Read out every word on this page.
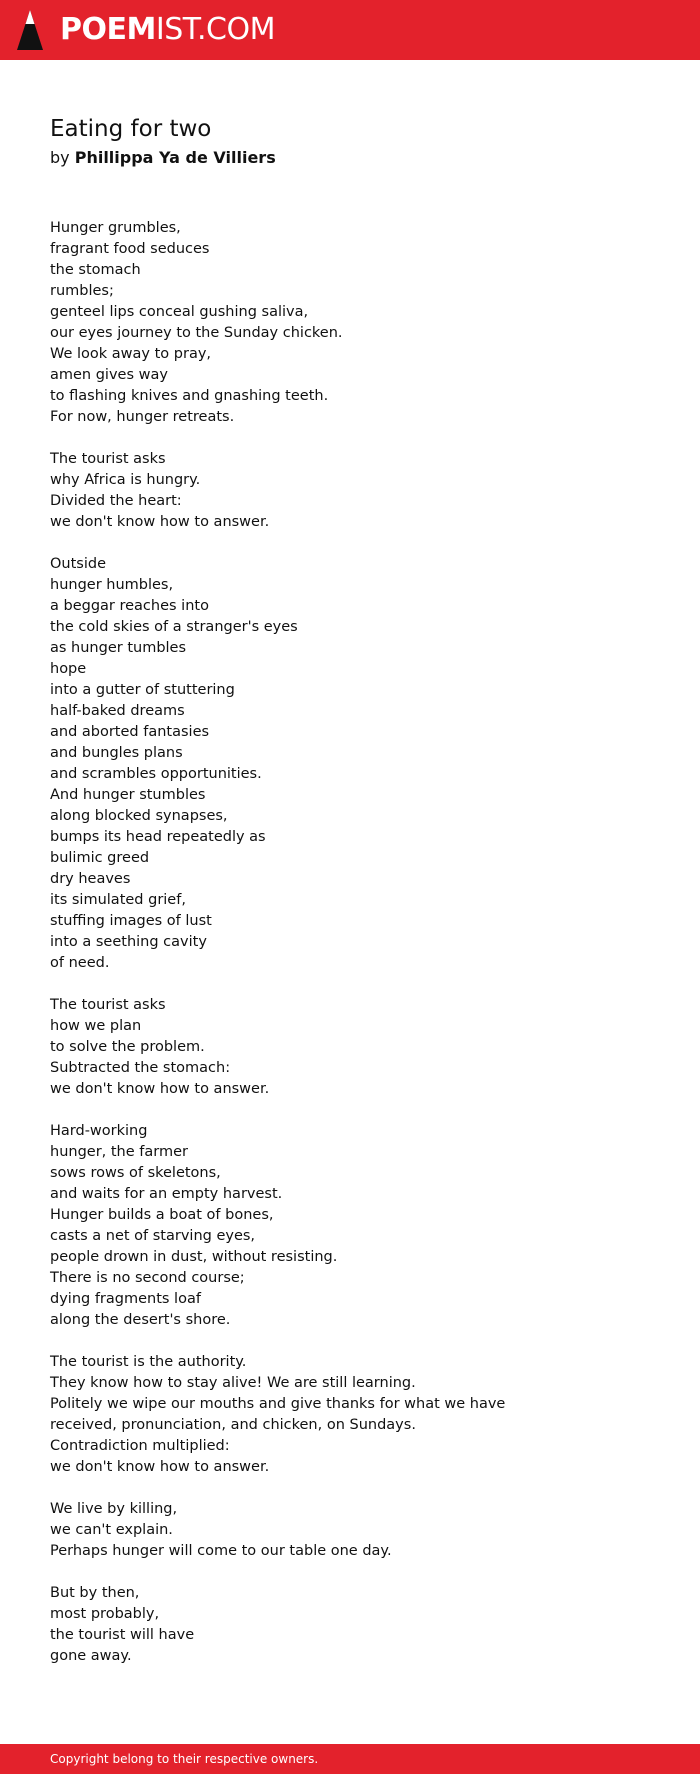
POEMIST.COM
Eating for two
by Phillippa Ya de Villiers
Hunger grumbles,
fragrant food seduces
the stomach
rumbles;
genteel lips conceal gushing saliva,
our eyes journey to the Sunday chicken.
We look away to pray,
amen gives way
to flashing knives and gnashing teeth.
For now, hunger retreats.
The tourist asks
why Africa is hungry.
Divided the heart:
we don't know how to answer.
Outside
hunger humbles,
a beggar reaches into
the cold skies of a stranger's eyes
as hunger tumbles
hope
into a gutter of stuttering
half-baked dreams
and aborted fantasies
and bungles plans
and scrambles opportunities.
And hunger stumbles
along blocked synapses,
bumps its head repeatedly as
bulimic greed
dry heaves
its simulated grief,
stuffing images of lust
into a seething cavity
of need.
The tourist asks
how we plan
to solve the problem.
Subtracted the stomach:
we don't know how to answer.
Hard-working
hunger, the farmer
sows rows of skeletons,
and waits for an empty harvest.
Hunger builds a boat of bones,
casts a net of starving eyes,
people drown in dust, without resisting.
There is no second course;
dying fragments loaf
along the desert's shore.
The tourist is the authority.
They know how to stay alive! We are still learning.
Politely we wipe our mouths and give thanks for what we have
received, pronunciation, and chicken, on Sundays.
Contradiction multiplied:
we don't know how to answer.
We live by killing,
we can't explain.
Perhaps hunger will come to our table one day.
But by then,
most probably,
the tourist will have
gone away.
Copyright belong to their respective owners.
